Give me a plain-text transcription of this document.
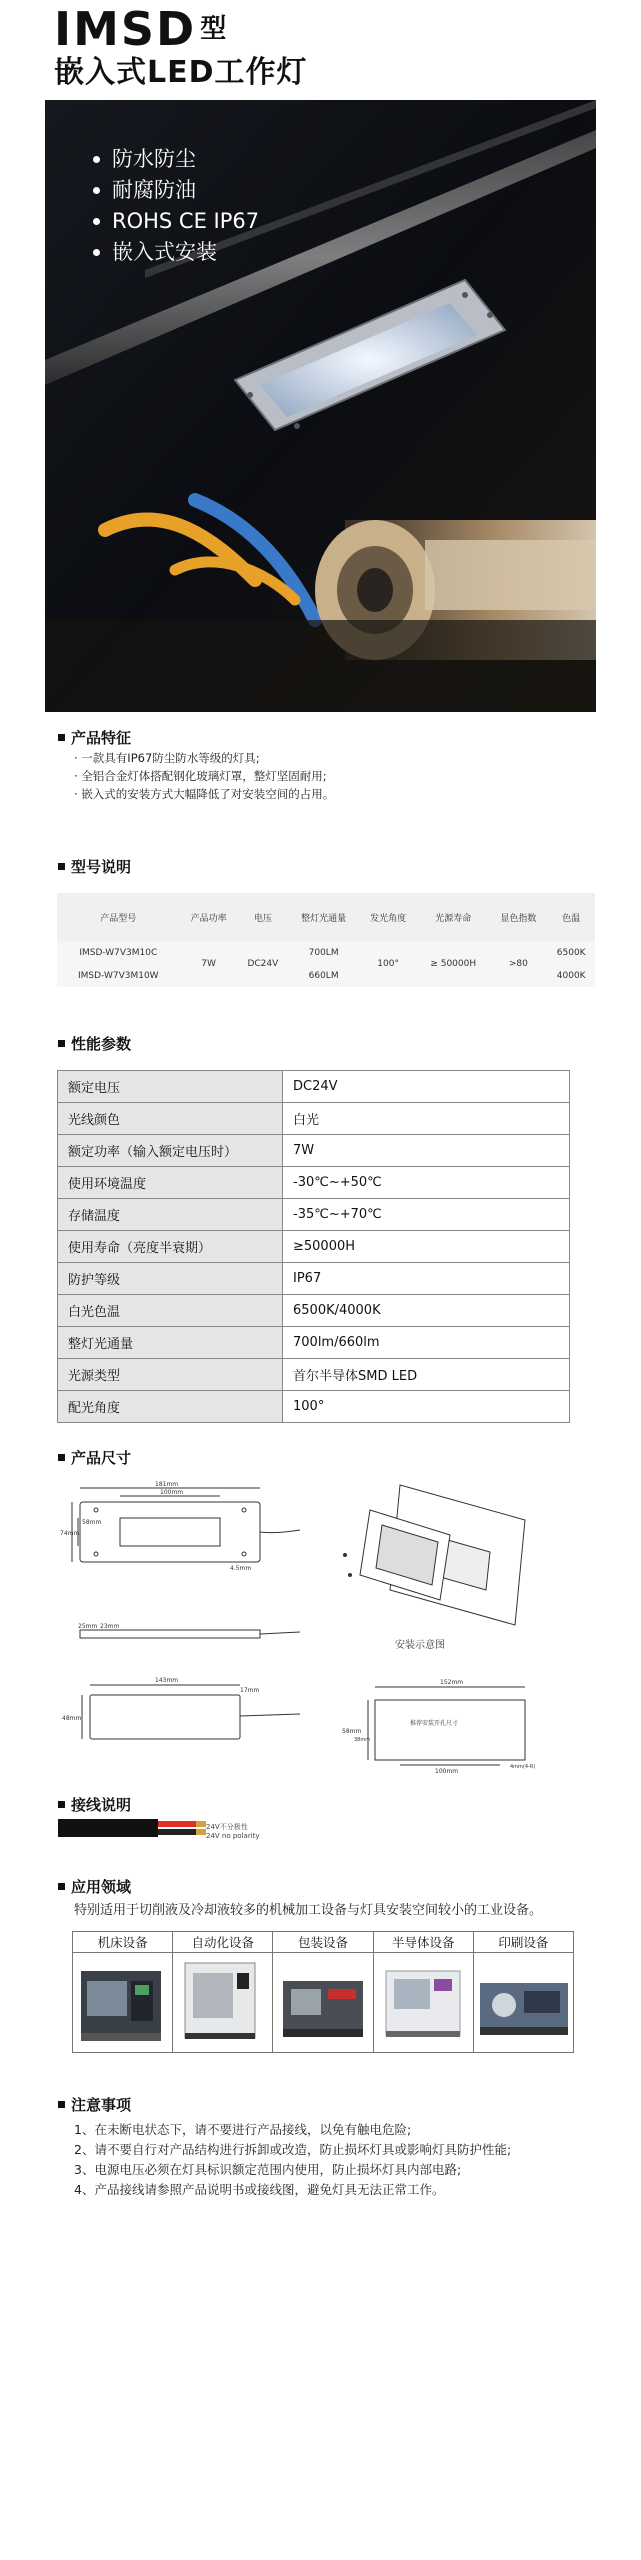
IMSD $^型$
嵌入式LED工作灯
防水防尘
耐腐防油
ROHS CE IP67
嵌入式安装
产品特征
· 一款具有IP67防尘防水等级的灯具;
· 全铝合金灯体搭配钢化玻璃灯罩，整灯坚固耐用;
· 嵌入式的安装方式大幅降低了对安装空间的占用。
型号说明
产品型号	产品功率	电压	整灯光通量	发光角度	光源寿命	显色指数	色温
IMSD-W7V3M10C	7W	DC24V	700LM	100°	≥ 50000H	>80	6500K
IMSD-W7V3M10W			660LM				4000K
性能参数
额定电压	DC24V
光线颜色	白光
额定功率（输入额定电压时）	7W
使用环境温度	-30℃~+50℃
存储温度	-35℃~+70℃
使用寿命（亮度半衰期）	≥50000H
防护等级	IP67
白光色温	6500K/4000K
整灯光通量	700lm/660lm
光源类型	首尔半导体SMD LED
配光角度	100°
产品尺寸
181mm
100mm
74mm
58mm
4.5mm
25mm 23mm
143mm
48mm
17mm
安装示意图
152mm
100mm
58mm
38mm
推荐安装开孔尺寸
4mm(4-R)
接线说明
24V不分极性
24V no polarity
应用领域
特别适用于切削液及冷却液较多的机械加工设备与灯具安装空间较小的工业设备。
机床设备	自动化设备	包装设备	半导体设备	印刷设备
注意事项
1、在未断电状态下，请不要进行产品接线，以免有触电危险;
2、请不要自行对产品结构进行拆卸或改造，防止损坏灯具或影响灯具防护性能;
3、电源电压必须在灯具标识额定范围内使用，防止损坏灯具内部电路;
4、产品接线请参照产品说明书或接线图，避免灯具无法正常工作。
